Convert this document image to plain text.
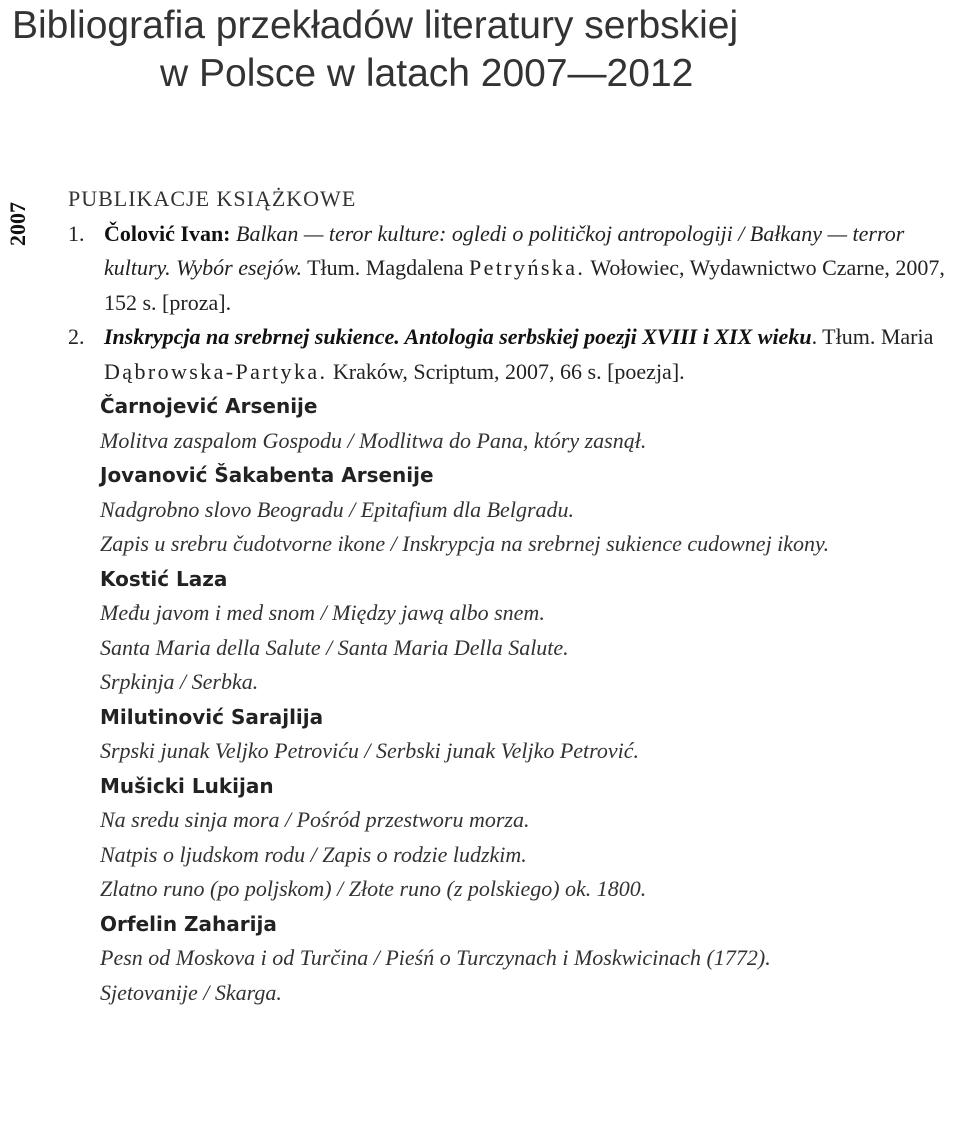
Bibliografia przekładów literatury serbskiej
w Polsce w latach 2007—2012
2007
PUBLIKACJE KSIĄŻKOWE
1. Čolović Ivan: Balkan — teror kulture: ogledi o političkoj antropologiji / Bałkany — terror kultury. Wybór esejów. Tłum. Magdalena Petryńska. Wołowiec, Wydawnictwo Czarne, 2007, 152 s. [proza].
2. Inskrypcja na srebrnej sukience. Antologia serbskiej poezji XVIII i XIX wieku. Tłum. Maria Dąbrowska-Partyka. Kraków, Scriptum, 2007, 66 s. [poezja].
Čarnojević Arsenije
Molitva zaspalom Gospodu / Modlitwa do Pana, który zasnął.
Jovanović Šakabenta Arsenije
Nadgrobno slovo Beogradu / Epitafium dla Belgradu.
Zapis u srebru čudotvorne ikone / Inskrypcja na srebrnej sukience cudownej ikony.
Kostić Laza
Među javom i med snom / Między jawą albo snem.
Santa Maria della Salute / Santa Maria Della Salute.
Srpkinja / Serbka.
Milutinović Sarajlija
Srpski junak Veljko Petroviću / Serbski junak Veljko Petrović.
Mušicki Lukijan
Na sredu sinja mora / Pośród przestworu morza.
Natpis o ljudskom rodu / Zapis o rodzie ludzkim.
Zlatno runo (po poljskom) / Złote runo (z polskiego) ok. 1800.
Orfelin Zaharija
Pesn od Moskova i od Turčina / Pieśń o Turczynach i Moskwicinach (1772).
Sjetovanije / Skarga.
